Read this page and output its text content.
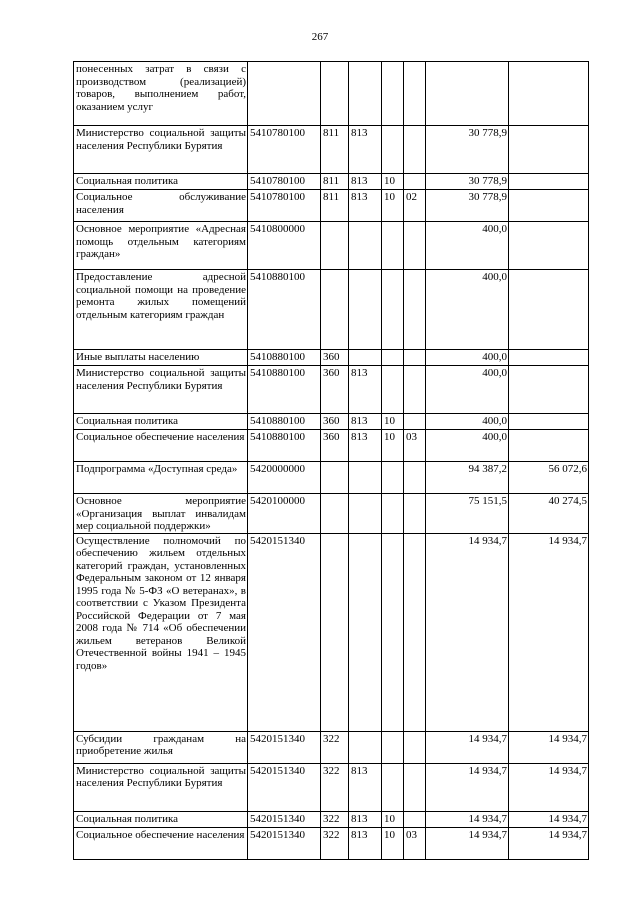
267
понесенных затрат в связи с производством (реализацией) товаров, выполнением работ, оказанием услуг							
Министерство социальной защиты населения Республики Бурятия	5410780100	811	813			30 778,9	
Социальная политика	5410780100	811	813	10		30 778,9	
Социальное обслуживание населения	5410780100	811	813	10	02	30 778,9	
Основное мероприятие «Адресная помощь отдельным категориям граждан»	5410800000					400,0	
Предоставление адресной социальной помощи на проведение ремонта жилых помещений отдельным категориям граждан	5410880100					400,0	
Иные выплаты населению	5410880100	360				400,0	
Министерство социальной защиты населения Республики Бурятия	5410880100	360	813			400,0	
Социальная политика	5410880100	360	813	10		400,0	
Социальное обеспечение населения	5410880100	360	813	10	03	400,0	
Подпрограмма «Доступная среда»	5420000000					94 387,2	56 072,6
Основное мероприятие «Организация выплат инвалидам мер социальной поддержки»	5420100000					75 151,5	40 274,5
Осуществление полномочий по обеспечению жильем отдельных категорий граждан, установленных Федеральным законом от 12 января 1995 года № 5-ФЗ «О ветеранах», в соответствии с Указом Президента Российской Федерации от 7 мая 2008 года № 714 «Об обеспечении жильем ветеранов Великой Отечественной войны 1941 – 1945 годов»	5420151340					14 934,7	14 934,7
Субсидии гражданам на приобретение жилья	5420151340	322				14 934,7	14 934,7
Министерство социальной защиты населения Республики Бурятия	5420151340	322	813			14 934,7	14 934,7
Социальная политика	5420151340	322	813	10		14 934,7	14 934,7
Социальное обеспечение населения	5420151340	322	813	10	03	14 934,7	14 934,7
